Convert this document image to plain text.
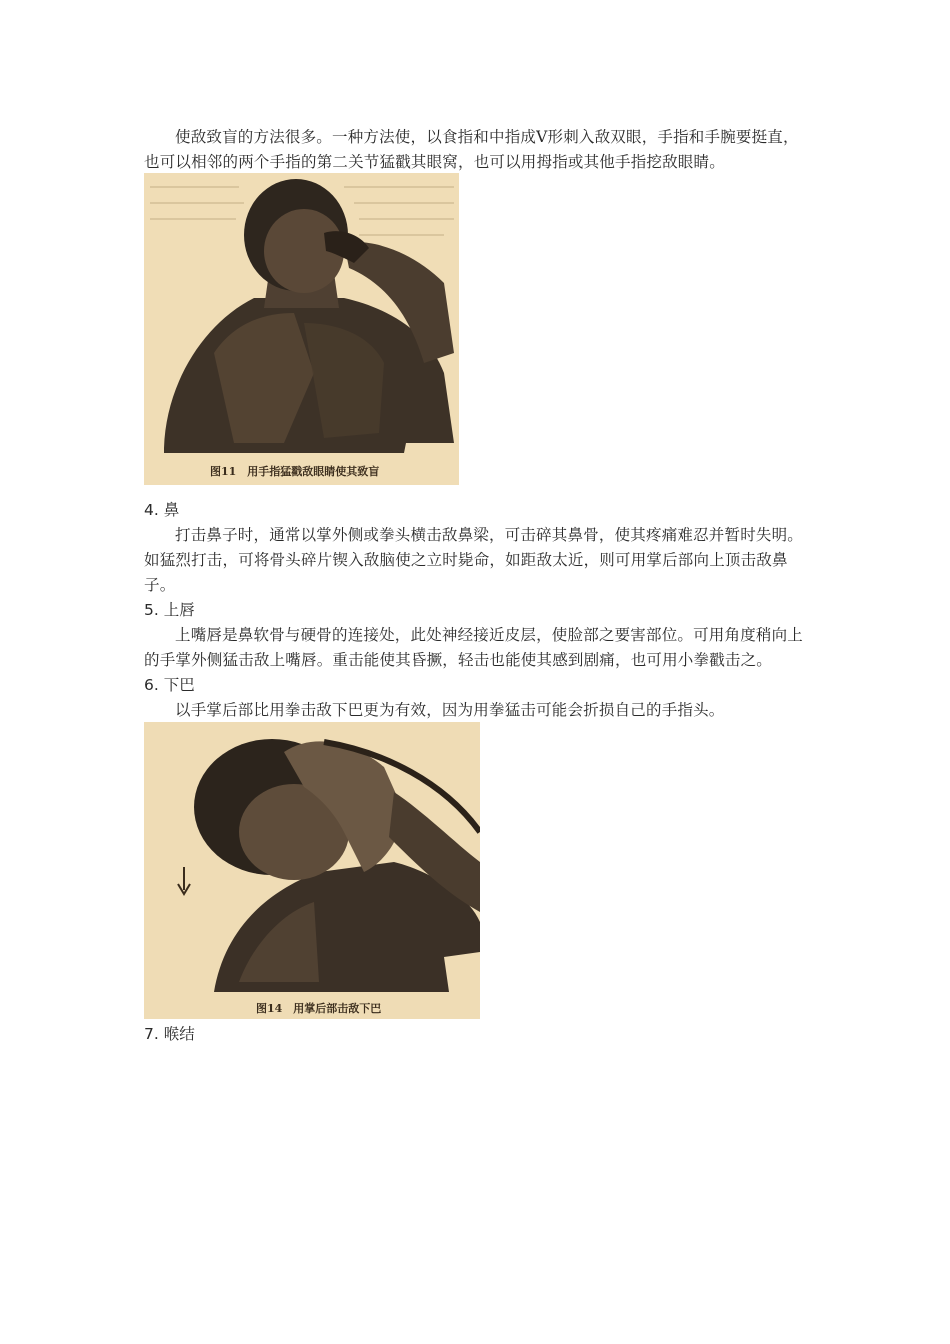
使敌致盲的方法很多。一种方法使，以食指和中指成V形刺入敌双眼，手指和手腕要挺直，也可以相邻的两个手指的第二关节猛戳其眼窝，也可以用拇指或其他手指挖敌眼睛。

图11　用手指猛戳敌眼睛使其致盲
4. 鼻

打击鼻子时，通常以掌外侧或拳头横击敌鼻梁，可击碎其鼻骨，使其疼痛难忍并暂时失明。如猛烈打击，可将骨头碎片锲入敌脑使之立时毙命，如距敌太近，则可用掌后部向上顶击敌鼻子。

5. 上唇

上嘴唇是鼻软骨与硬骨的连接处，此处神经接近皮层，使脸部之要害部位。可用角度稍向上的手掌外侧猛击敌上嘴唇。重击能使其昏撅，轻击也能使其感到剧痛，也可用小拳戳击之。

6. 下巴

以手掌后部比用拳击敌下巴更为有效，因为用拳猛击可能会折损自己的手指头。

图14　用掌后部击敌下巴
7. 喉结
